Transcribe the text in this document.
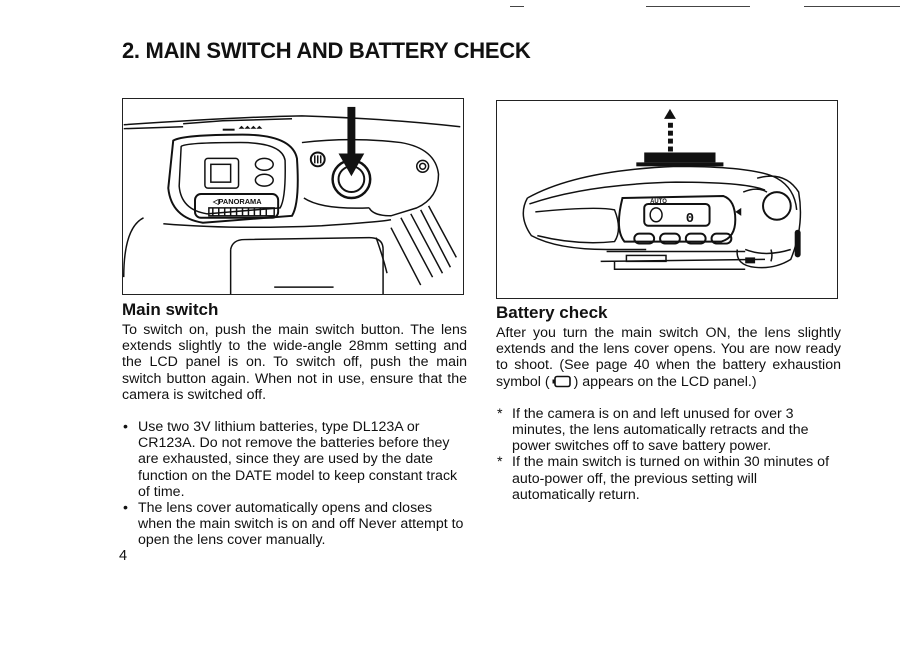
2. MAIN SWITCH AND BATTERY CHECK
◁PANORAMA	AUTO
0
Main switch

To switch on, push the main switch button. The lens extends slightly to the wide-angle 28mm setting and the LCD panel is on. To switch off, push the main switch button again. When not in use, ensure that the camera is switched off.

• Use two 3V lithium batteries, type DL123A or CR123A. Do not remove the batteries before they are exhausted, since they are used by the date function on the DATE model to keep constant track of time.
• The lens cover automatically opens and closes when the main switch is on and off Never attempt to open the lens cover manually.
4
Battery check

After you turn the main switch ON, the lens slightly extends and the lens cover opens. You are now ready to shoot. (See page 40 when the battery exhaustion symbol ( ) appears on the LCD panel.)

* If the camera is on and left unused for over 3 minutes, the lens automatically retracts and the power switches off to save battery power.
* If the main switch is turned on within 30 minutes of auto-power off, the previous setting will automatically return.
